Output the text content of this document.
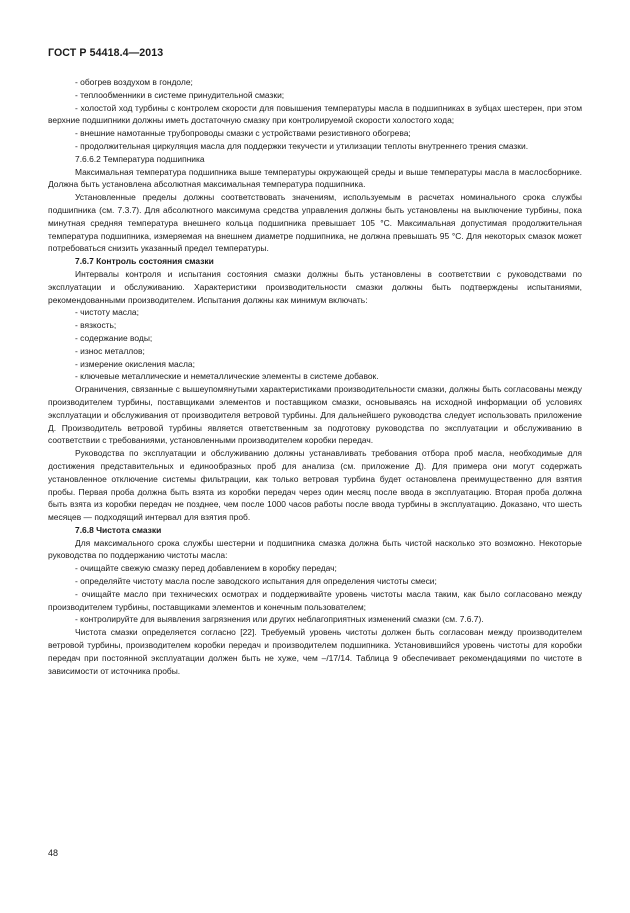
ГОСТ Р 54418.4—2013

- обогрев воздухом в гондоле;

- теплообменники в системе принудительной смазки;

- холостой ход турбины с контролем скорости для повышения температуры масла в подшипниках в зубцах шестерен, при этом верхние подшипники должны иметь достаточную смазку при контролируемой скорости холостого хода;

- внешние намотанные трубопроводы смазки с устройствами резистивного обогрева;

- продолжительная циркуляция масла для поддержки текучести и утилизации теплоты внутреннего трения смазки.

7.6.6.2 Температура подшипника

Максимальная температура подшипника выше температуры окружающей среды и выше температуры масла в маслосборнике. Должна быть установлена абсолютная максимальная температура подшипника.

Установленные пределы должны соответствовать значениям, используемым в расчетах номинального срока службы подшипника (см. 7.3.7). Для абсолютного максимума средства управления должны быть установлены на выключение турбины, пока минутная средняя температура внешнего кольца подшипника превышает 105 °С. Максимальная допустимая продолжительная температура подшипника, измеряемая на внешнем диаметре подшипника, не должна превышать 95 °С. Для некоторых смазок может потребоваться снизить указанный предел температуры.

7.6.7 Контроль состояния смазки

Интервалы контроля и испытания состояния смазки должны быть установлены в соответствии с руководствами по эксплуатации и обслуживанию. Характеристики производительности смазки должны быть подтверждены испытаниями, рекомендованными производителем. Испытания должны как минимум включать:

- чистоту масла;

- вязкость;

- содержание воды;

- износ металлов;

- измерение окисления масла;

- ключевые металлические и неметаллические элементы в системе добавок.

Ограничения, связанные с вышеупомянутыми характеристиками производительности смазки, должны быть согласованы между производителем турбины, поставщиками элементов и поставщиком смазки, основываясь на исходной информации об условиях эксплуатации и обслуживания от производителя ветровой турбины. Для дальнейшего руководства следует использовать приложение Д. Производитель ветровой турбины является ответственным за подготовку руководства по эксплуатации и обслуживанию в соответствии с требованиями, установленными производителем коробки передач.

Руководства по эксплуатации и обслуживанию должны устанавливать требования отбора проб масла, необходимые для достижения представительных и единообразных проб для анализа (см. приложение Д). Для примера они могут содержать установленное отключение системы фильтрации, как только ветровая турбина будет остановлена преимущественно для взятия пробы. Первая проба должна быть взята из коробки передач через один месяц после ввода в эксплуатацию. Вторая проба должна быть взята из коробки передач не позднее, чем после 1000 часов работы после ввода турбины в эксплуатацию. Доказано, что шесть месяцев — подходящий интервал для взятия проб.

7.6.8 Чистота смазки

Для максимального срока службы шестерни и подшипника смазка должна быть чистой насколько это возможно. Некоторые руководства по поддержанию чистоты масла:

- очищайте свежую смазку перед добавлением в коробку передач;

- определяйте чистоту масла после заводского испытания для определения чистоты смеси;

- очищайте масло при технических осмотрах и поддерживайте уровень чистоты масла таким, как было согласовано между производителем турбины, поставщиками элементов и конечным пользователем;

- контролируйте для выявления загрязнения или других неблагоприятных изменений смазки (см. 7.6.7).

Чистота смазки определяется согласно [22]. Требуемый уровень чистоты должен быть согласован между производителем ветровой турбины, производителем коробки передач и производителем подшипника. Установившийся уровень чистоты для коробки передач при постоянной эксплуатации должен быть не хуже, чем –/17/14. Таблица 9 обеспечивает рекомендациями по чистоте в зависимости от источника пробы.

48
